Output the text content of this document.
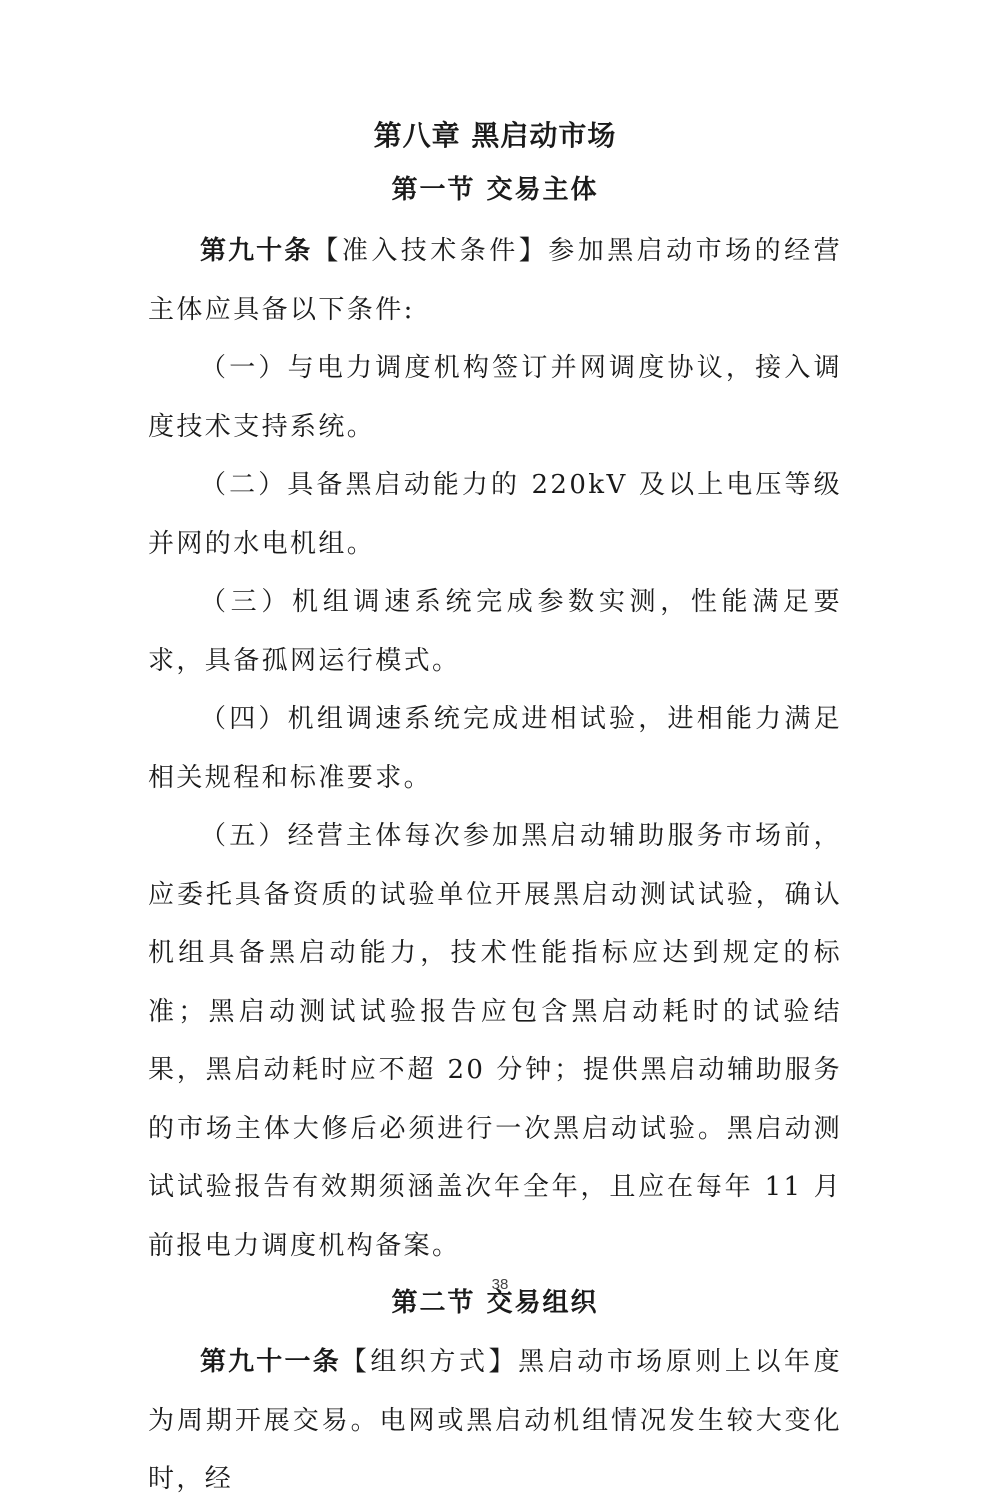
第八章 黑启动市场
第一节 交易主体

第九十条【准入技术条件】参加黑启动市场的经营主体应具备以下条件:

（一）与电力调度机构签订并网调度协议，接入调度技术支持系统。

（二）具备黑启动能力的 220kV 及以上电压等级并网的水电机组。

（三）机组调速系统完成参数实测，性能满足要求，具备孤网运行模式。

（四）机组调速系统完成进相试验，进相能力满足相关规程和标准要求。

（五）经营主体每次参加黑启动辅助服务市场前，应委托具备资质的试验单位开展黑启动测试试验，确认机组具备黑启动能力，技术性能指标应达到规定的标准；黑启动测试试验报告应包含黑启动耗时的试验结果，黑启动耗时应不超 20 分钟；提供黑启动辅助服务的市场主体大修后必须进行一次黑启动试验。黑启动测试试验报告有效期须涵盖次年全年，且应在每年 11 月前报电力调度机构备案。

第二节 交易组织

第九十一条【组织方式】黑启动市场原则上以年度为周期开展交易。电网或黑启动机组情况发生较大变化时，经

38
